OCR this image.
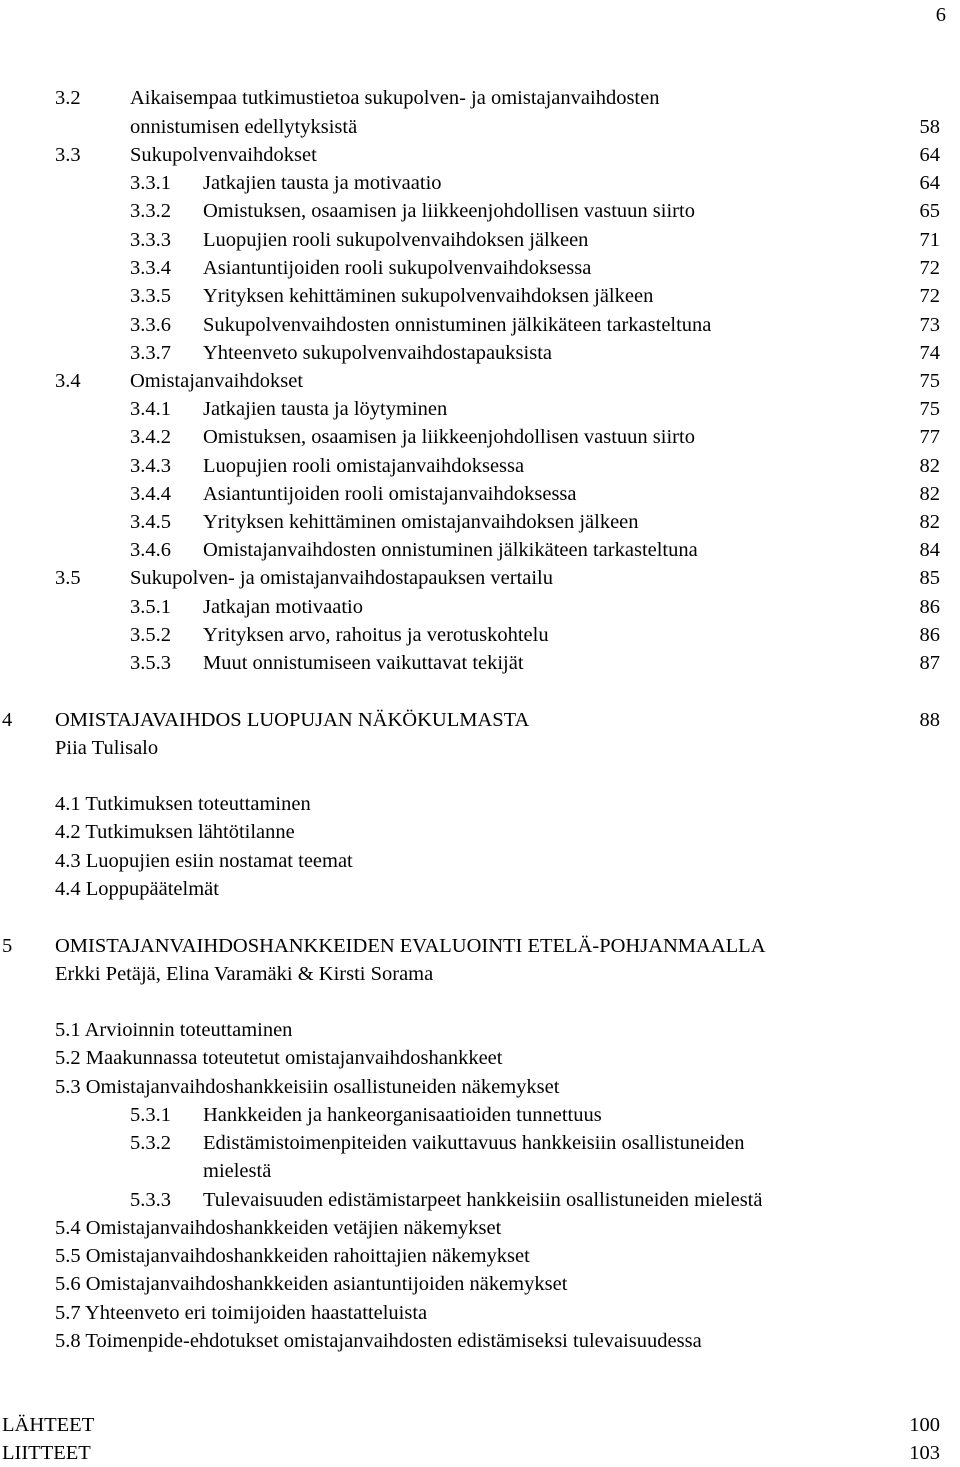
6
3.2 Aikaisempaa tutkimustietoa sukupolven- ja omistajanvaihdosten
onnistumisen edellytyksistä	58
3.3 Sukupolvenvaihdokset	64
3.3.1 Jatkajien tausta ja motivaatio	64
3.3.2 Omistuksen, osaamisen ja liikkeenjohdollisen vastuun siirto	65
3.3.3 Luopujien rooli sukupolvenvaihdoksen jälkeen	71
3.3.4 Asiantuntijoiden rooli sukupolvenvaihdoksessa	72
3.3.5 Yrityksen kehittäminen sukupolvenvaihdoksen jälkeen	72
3.3.6 Sukupolvenvaihdosten onnistuminen jälkikäteen tarkasteltuna	73
3.3.7 Yhteenveto sukupolvenvaihdostapauksista	74
3.4 Omistajanvaihdokset	75
3.4.1 Jatkajien tausta ja löytyminen	75
3.4.2 Omistuksen, osaamisen ja liikkeenjohdollisen vastuun siirto	77
3.4.3 Luopujien rooli omistajanvaihdoksessa	82
3.4.4 Asiantuntijoiden rooli omistajanvaihdoksessa	82
3.4.5 Yrityksen kehittäminen omistajanvaihdoksen jälkeen	82
3.4.6 Omistajanvaihdosten onnistuminen jälkikäteen tarkasteltuna	84
3.5 Sukupolven- ja omistajanvaihdostapauksen vertailu	85
3.5.1 Jatkajan motivaatio	86
3.5.2 Yrityksen arvo, rahoitus ja verotuskohtelu	86
3.5.3 Muut onnistumiseen vaikuttavat tekijät	87
4 OMISTAJAVAIHDOS LUOPUJAN NÄKÖKULMASTA	88
Piia Tulisalo
4.1 Tutkimuksen toteuttaminen
4.2 Tutkimuksen lähtötilanne
4.3 Luopujien esiin nostamat teemat
4.4 Loppupäätelmät
5 OMISTAJANVAIHDOSHANKKEIDEN EVALUOINTI ETELÄ-POHJANMAALLA
Erkki Petäjä, Elina Varamäki & Kirsti Sorama
5.1 Arvioinnin toteuttaminen
5.2 Maakunnassa toteutetut omistajanvaihdoshankkeet
5.3 Omistajanvaihdoshankkeisiin osallistuneiden näkemykset
5.3.1 Hankkeiden ja hankeorganisaatioiden tunnettuus
5.3.2 Edistämistoimenpiteiden vaikuttavuus hankkeisiin osallistuneiden
mielestä
5.3.3 Tulevaisuuden edistämistarpeet hankkeisiin osallistuneiden mielestä
5.4 Omistajanvaihdoshankkeiden vetäjien näkemykset
5.5 Omistajanvaihdoshankkeiden rahoittajien näkemykset
5.6 Omistajanvaihdoshankkeiden asiantuntijoiden näkemykset
5.7 Yhteenveto eri toimijoiden haastatteluista
5.8 Toimenpide-ehdotukset omistajanvaihdosten edistämiseksi tulevaisuudessa
LÄHTEET	100
LIITTEET	103
